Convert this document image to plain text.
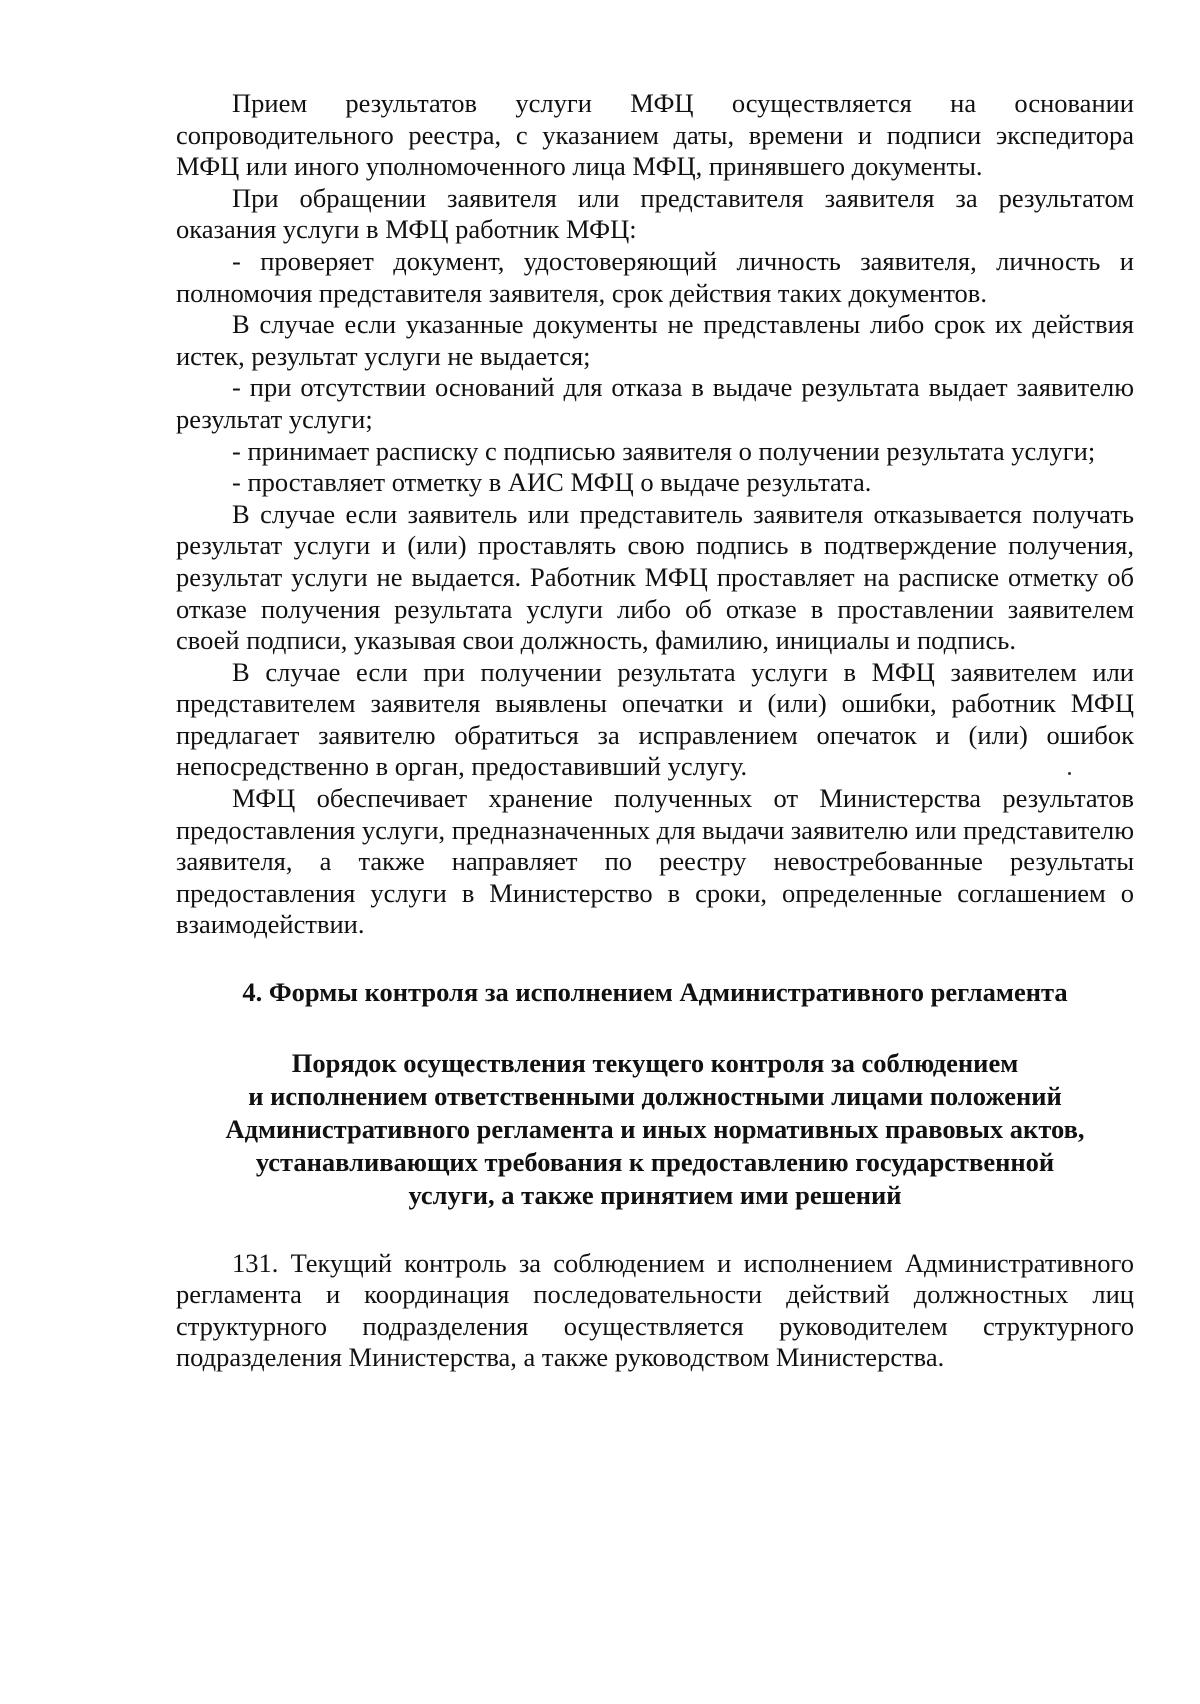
Прием результатов услуги МФЦ осуществляется на основании сопроводительного реестра, с указанием даты, времени и подписи экспедитора МФЦ или иного уполномоченного лица МФЦ, принявшего документы.

При обращении заявителя или представителя заявителя за результатом оказания услуги в МФЦ работник МФЦ:

- проверяет документ, удостоверяющий личность заявителя, личность и полномочия представителя заявителя, срок действия таких документов.

В случае если указанные документы не представлены либо срок их действия истек, результат услуги не выдается;

- при отсутствии оснований для отказа в выдаче результата выдает заявителю результат услуги;

- принимает расписку с подписью заявителя о получении результата услуги;

- проставляет отметку в АИС МФЦ о выдаче результата.

В случае если заявитель или представитель заявителя отказывается получать результат услуги и (или) проставлять свою подпись в подтверждение получения, результат услуги не выдается. Работник МФЦ проставляет на расписке отметку об отказе получения результата услуги либо об отказе в проставлении заявителем своей подписи, указывая свои должность, фамилию, инициалы и подпись.

В случае если при получении результата услуги в МФЦ заявителем или представителем заявителя выявлены опечатки и (или) ошибки, работник МФЦ предлагает заявителю обратиться за исправлением опечаток и (или) ошибок непосредственно в орган, предоставивший услугу.

МФЦ обеспечивает хранение полученных от Министерства результатов предоставления услуги, предназначенных для выдачи заявителю или представителю заявителя, а также направляет по реестру невостребованные результаты предоставления услуги в Министерство в сроки, определенные соглашением о взаимодействии.

4. Формы контроля за исполнением Административного регламента

Порядок осуществления текущего контроля за соблюдением
и исполнением ответственными должностными лицами положений
Административного регламента и иных нормативных правовых актов,
устанавливающих требования к предоставлению государственной
услуги, а также принятием ими решений

131. Текущий контроль за соблюдением и исполнением Административного регламента и координация последовательности действий должностных лиц структурного подразделения осуществляется руководителем структурного подразделения Министерства, а также руководством Министерства.
